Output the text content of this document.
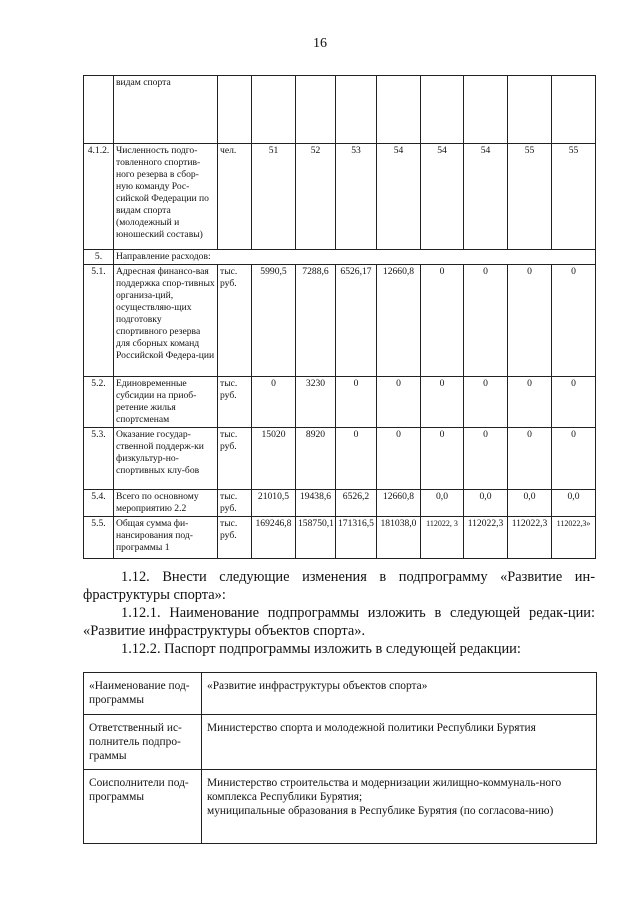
16
	видам спорта									
4.1.2.	Численность подго-товленного спортив-ного резерва в сбор-ную команду Рос-сийской Федерации по видам спорта (молодежный и юношеский составы)	чел.	51	52	53	54	54	54	55	55
5.	Направление расходов:									
5.1.	Адресная финансо-вая поддержка спор-тивных организа-ций, осуществляю-щих подготовку спортивного резерва для сборных команд Российской Федера-ции	тыс. руб.	5990,5	7288,6	6526,17	12660,8	0	0	0	0
5.2.	Единовременные субсидии на приоб-ретение жилья спортсменам	тыс. руб.	0	3230	0	0	0	0	0	0
5.3.	Оказание государ-ственной поддерж-ки физкультур-но-спортивных клу-бов	тыс. руб.	15020	8920	0	0	0	0	0	0
5.4.	Всего по основному мероприятию 2.2	тыс. руб.	21010,5	19438,6	6526,2	12660,8	0,0	0,0	0,0	0,0
5.5.	Общая сумма фи-нансирования под-программы 1	тыс. руб.	169246,8	158750,1	171316,5	181038,0	112022, 3	112022,3	112022,3	112022,3»
1.12. Внести следующие изменения в подпрограмму «Развитие ин-фраструктуры спорта»:
1.12.1. Наименование подпрограммы изложить в следующей редак-ции: «Развитие инфраструктуры объектов спорта».
1.12.2. Паспорт подпрограммы изложить в следующей редакции:
«Наименование под-программы	«Развитие инфраструктуры объектов спорта»
Ответственный ис-полнитель подпро-граммы	Министерство спорта и молодежной политики Республики Бурятия
Соисполнители под-программы	Министерство строительства и модернизации жилищно-коммуналь-ного комплекса Республики Бурятия;
муниципальные образования в Республике Бурятия (по согласова-нию)
